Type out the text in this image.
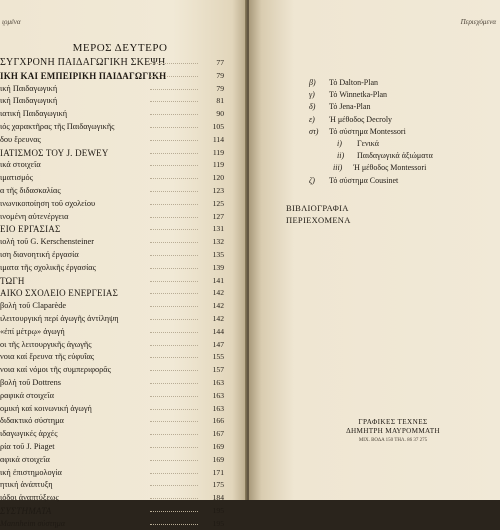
ι̯ομένα
ΜΕΡΟΣ ΔΕΥΤΕΡΟ
ΣΥΓΧΡΟΝΗ ΠΑΙΔΑΓΩΓΙΚΗ ΣΚΕΨΗ	77
ΙΚΗ ΚΑΙ ΕΜΠΕΙΡΙΚΗ ΠΑΙΔΑΓΩΓΙΚΗ	79
ική Παιδαγωγική	79
ική Παιδαγωγική	81
ιατική Παιδαγωγική	90
ιός χαρακτῆρας τῆς Παιδαγωγικῆς	105
δου ἔρευνας	114
ΙΑΤΙΣΜΟΣ ΤΟΥ J. DEWEY	119
ικά στοιχεῖα	119
ιματισμός	120
α τῆς διδασκαλίας	123
ινωνικοποίηση τοῦ σχολείου	125
ινομένη αὐτενέργεια	127
ΕΙΟ ΕΡΓΑΣΙΑΣ	131
ιολή τοῦ G. Kerschensteiner	132
ιση διανοητική ἐργασία	135
ιματα τῆς σχολικῆς ἐργασίας	139
ΤΩΓΗ	141
ΑΙΚΟ ΣΧΟΛΕΙΟ ΕΝΕΡΓΕΙΑΣ	142
βολή τοῦ Claparède	142
ιλειτουργική περί ἀγωγῆς ἀντίληψη	142
«ἐπί μέτρῳ» ἀγωγή	144
οι τῆς λειτουργικῆς ἀγωγῆς	147
νοια καί ἔρευνα τῆς εὐφυΐας	155
νοια καί νόμοι τῆς συμπεριφορᾶς	157
βολή τοῦ Dottrens	163
ραφικά στοιχεῖα	163
ομική καί κοινωνική ἀγωγή	163
διδακτικό σύστημα	166
ιδαγωγικές ἀρχές	167
ρία τοῦ J. Piaget	169
αφικά στοιχεῖα	169
ική ἐπιστημολογία	171
ητική ἀνάπτυξη	175
ιόδοι ἀναπτύξεως	184
ΣΥΣΤΗΜΑΤΑ	195
Mannheim σύστημα	195
Περιεχόμενα
β) Τό Dalton-Plan
γ) Τό Winnetka-Plan
δ) Τό Jena-Plan
ε) Ἡ μέθοδος Decroly
στ) Τό σύστημα Montessori
i) Γενικά
ii) Παιδαγωγικά ἀξιώματα
iii) Ἡ μέθοδος Montessori
ζ) Τό σύστημα Cousinet
ΒΙΒΛΙΟΓΡΑΦΙΑ
ΠΕΡΙΕΧΟΜΕΝΑ
ΓΡΑΦΙΚΕΣ ΤΕΧΝΕΣ
ΔΗΜΗΤΡΗ ΜΑΥΡΟΜΜΑΤΗ
ΜΙΧ. ΒΟΔΑ 150 ΤΗΛ. 86 37 275
